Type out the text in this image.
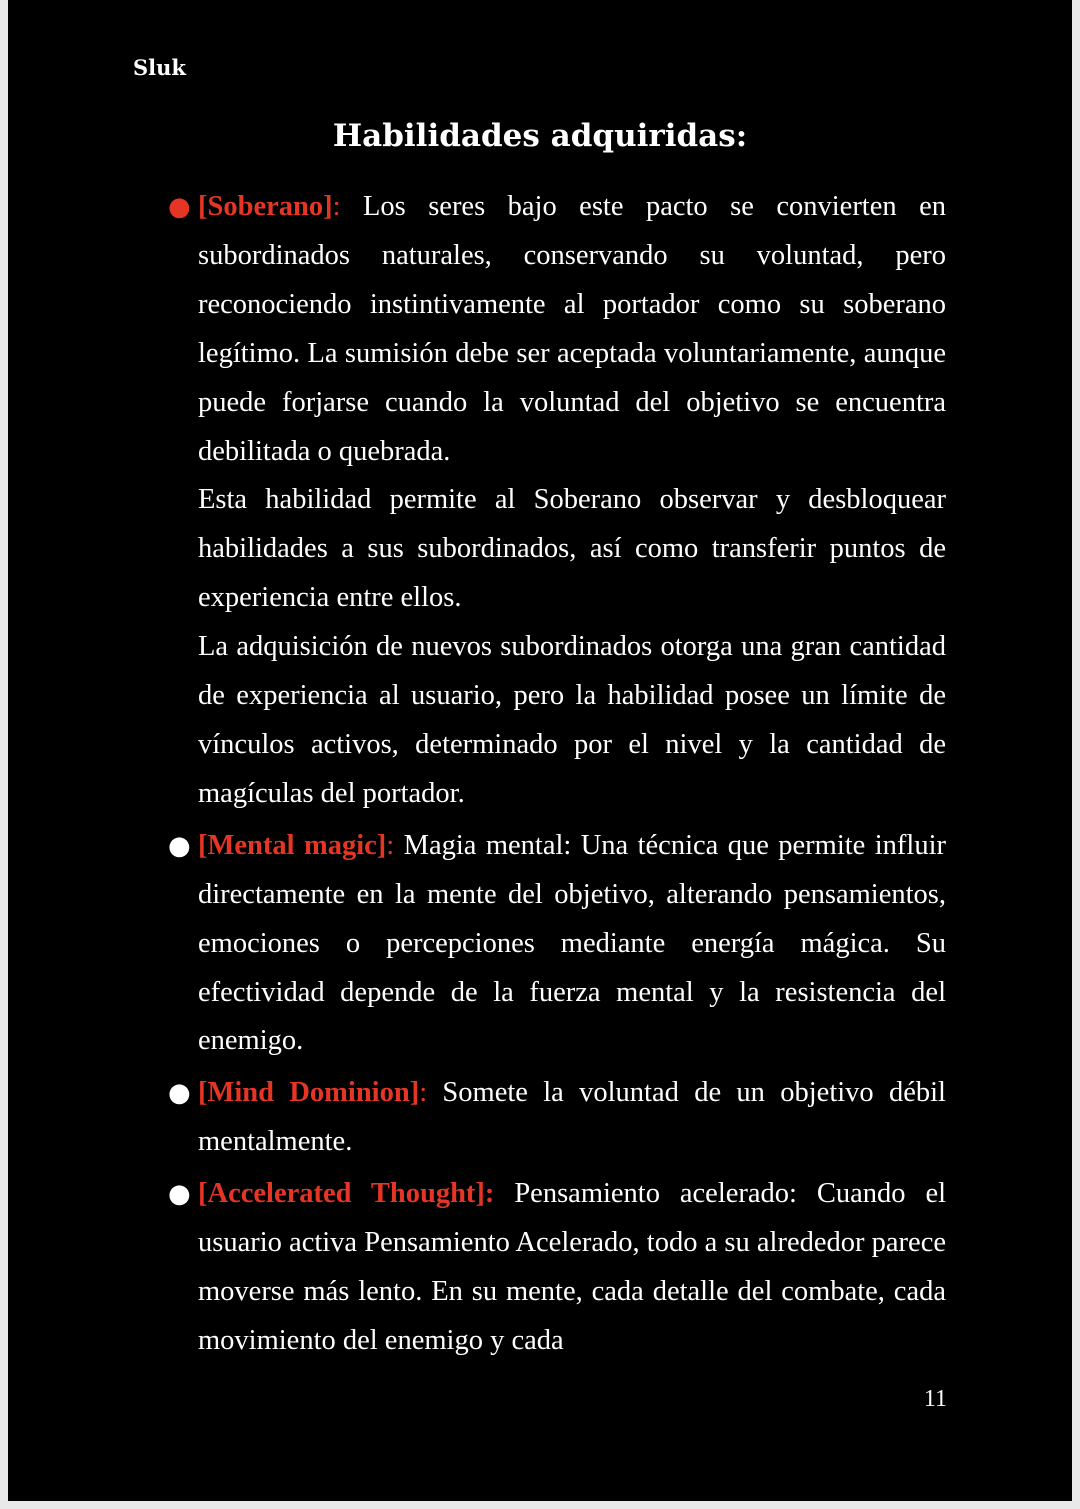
Sluk
Habilidades adquiridas:
● [Soberano]: Los seres bajo este pacto se convierten en subordinados naturales, conservando su voluntad, pero reconociendo instintivamente al portador como su soberano legítimo. La sumisión debe ser aceptada voluntariamente, aunque puede forjarse cuando la voluntad del objetivo se encuentra debilitada o quebrada.

Esta habilidad permite al Soberano observar y desbloquear habilidades a sus subordinados, así como transferir puntos de experiencia entre ellos.

La adquisición de nuevos subordinados otorga una gran cantidad de experiencia al usuario, pero la habilidad posee un límite de vínculos activos, determinado por el nivel y la cantidad de magículas del portador.

● [Mental magic]: Magia mental: Una técnica que permite influir directamente en la mente del objetivo, alterando pensamientos, emociones o percepciones mediante energía mágica. Su efectividad depende de la fuerza mental y la resistencia del enemigo.

● [Mind Dominion]: Somete la voluntad de un objetivo débil mentalmente.

● [Accelerated Thought]: Pensamiento acelerado: Cuando el usuario activa Pensamiento Acelerado, todo a su alrededor parece moverse más lento. En su mente, cada detalle del combate, cada movimiento del enemigo y cada

11
